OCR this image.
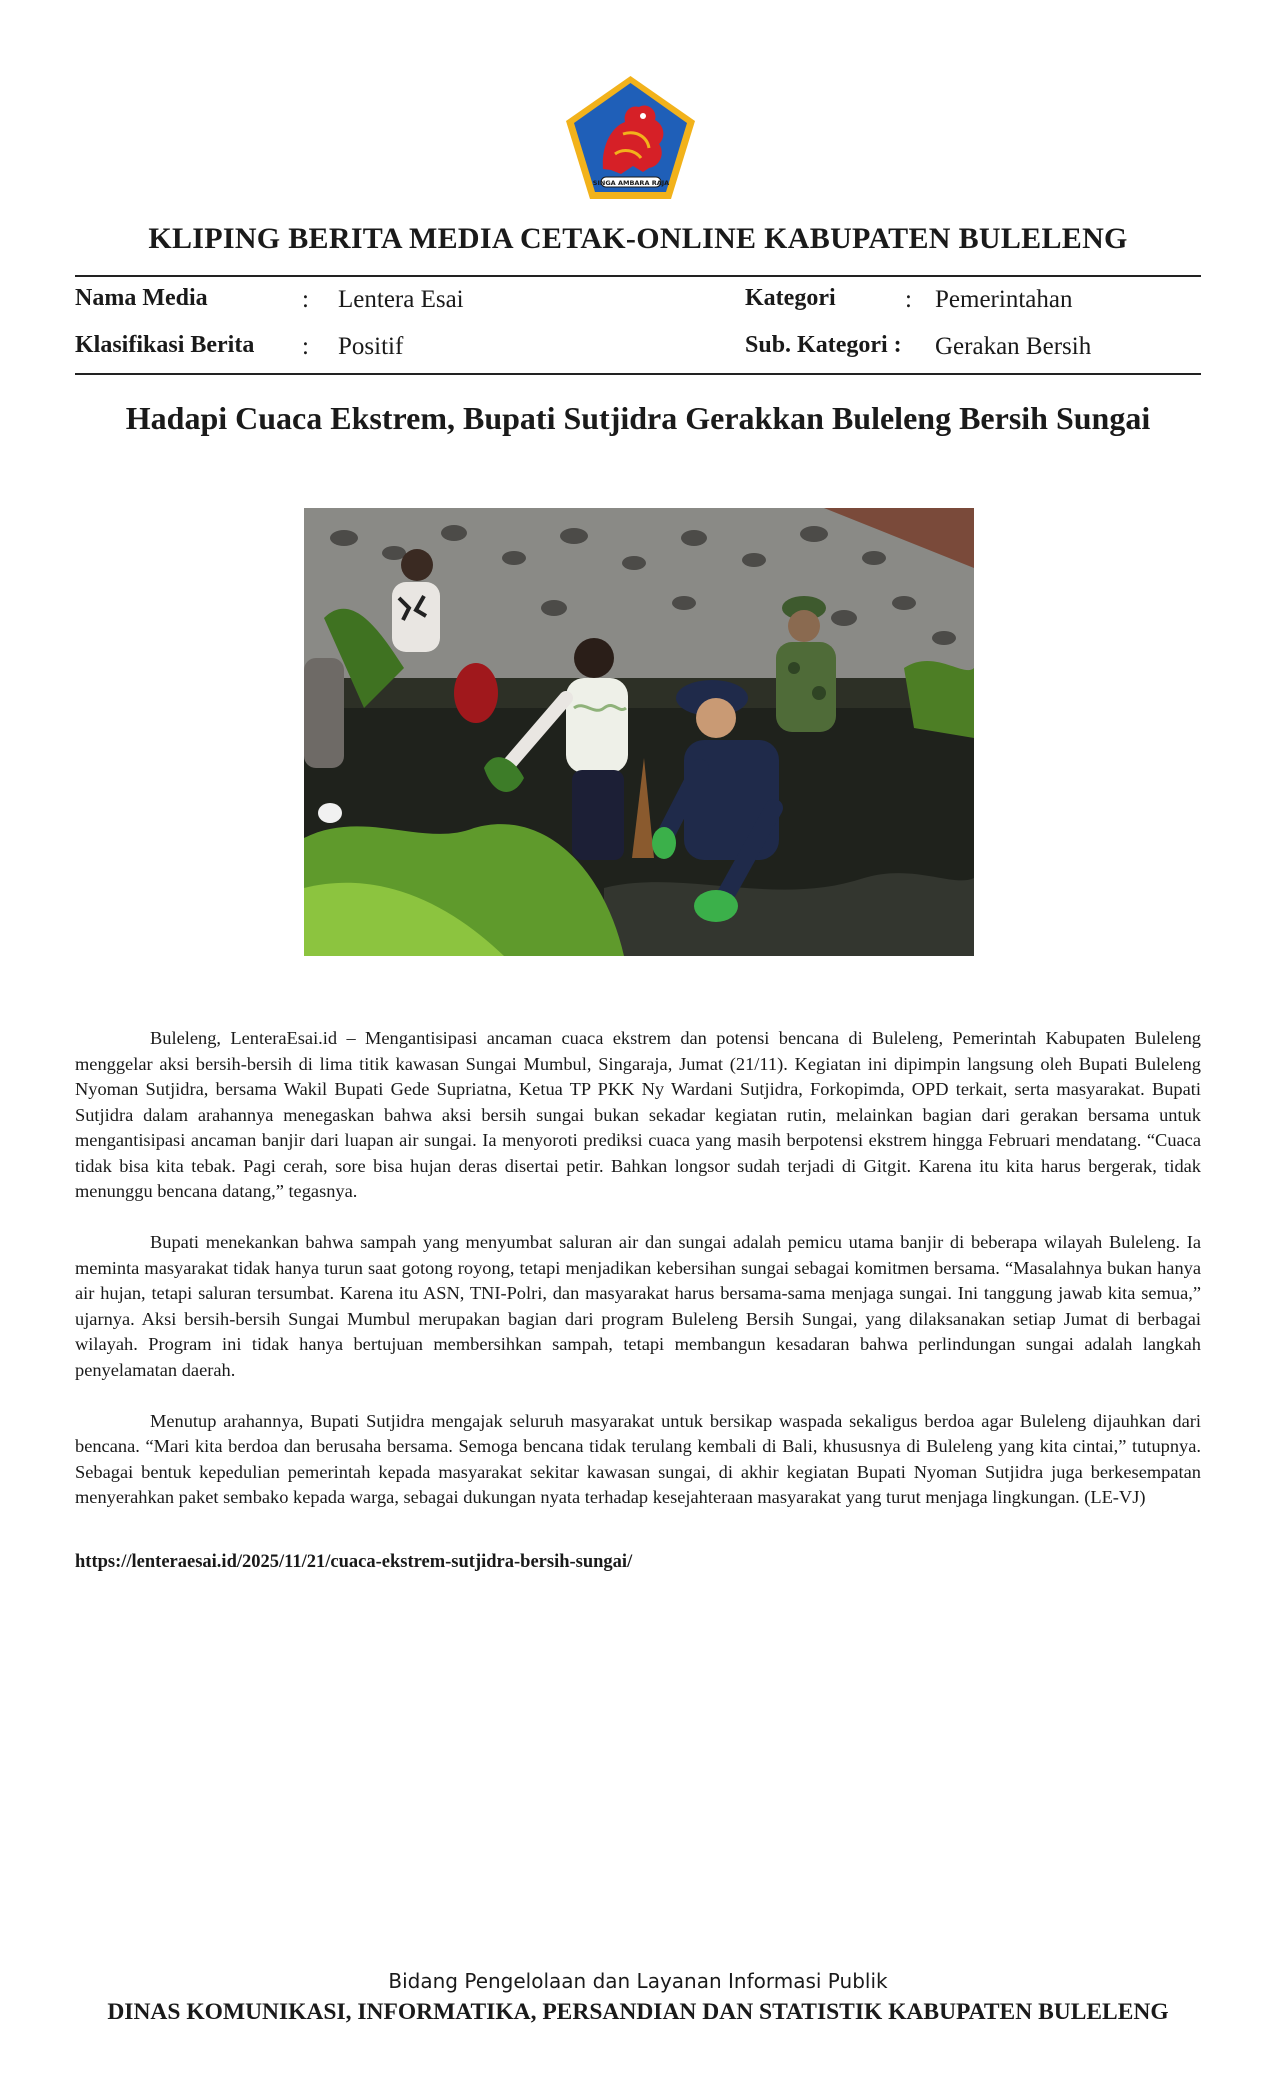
SINGA AMBARA RAJA
KLIPING BERITA MEDIA CETAK-ONLINE KABUPATEN BULELENG
Nama Media	: Lentera Esai	Kategori	: Pemerintahan
Klasifikasi Berita : Positif	Sub. Kategori : Gerakan Bersih
Hadapi Cuaca Ekstrem, Bupati Sutjidra Gerakkan Buleleng Bersih Sungai

Buleleng, LenteraEsai.id – Mengantisipasi ancaman cuaca ekstrem dan potensi bencana di Buleleng, Pemerintah Kabupaten Buleleng menggelar aksi bersih-bersih di lima titik kawasan Sungai Mumbul, Singaraja, Jumat (21/11). Kegiatan ini dipimpin langsung oleh Bupati Buleleng Nyoman Sutjidra, bersama Wakil Bupati Gede Supriatna, Ketua TP PKK Ny Wardani Sutjidra, Forkopimda, OPD terkait, serta masyarakat. Bupati Sutjidra dalam arahannya menegaskan bahwa aksi bersih sungai bukan sekadar kegiatan rutin, melainkan bagian dari gerakan bersama untuk mengantisipasi ancaman banjir dari luapan air sungai. Ia menyoroti prediksi cuaca yang masih berpotensi ekstrem hingga Februari mendatang. “Cuaca tidak bisa kita tebak. Pagi cerah, sore bisa hujan deras disertai petir. Bahkan longsor sudah terjadi di Gitgit. Karena itu kita harus bergerak, tidak menunggu bencana datang,” tegasnya.

Bupati menekankan bahwa sampah yang menyumbat saluran air dan sungai adalah pemicu utama banjir di beberapa wilayah Buleleng. Ia meminta masyarakat tidak hanya turun saat gotong royong, tetapi menjadikan kebersihan sungai sebagai komitmen bersama. “Masalahnya bukan hanya air hujan, tetapi saluran tersumbat. Karena itu ASN, TNI-Polri, dan masyarakat harus bersama-sama menjaga sungai. Ini tanggung jawab kita semua,” ujarnya. Aksi bersih-bersih Sungai Mumbul merupakan bagian dari program Buleleng Bersih Sungai, yang dilaksanakan setiap Jumat di berbagai wilayah. Program ini tidak hanya bertujuan membersihkan sampah, tetapi membangun kesadaran bahwa perlindungan sungai adalah langkah penyelamatan daerah.

Menutup arahannya, Bupati Sutjidra mengajak seluruh masyarakat untuk bersikap waspada sekaligus berdoa agar Buleleng dijauhkan dari bencana. “Mari kita berdoa dan berusaha bersama. Semoga bencana tidak terulang kembali di Bali, khususnya di Buleleng yang kita cintai,” tutupnya. Sebagai bentuk kepedulian pemerintah kepada masyarakat sekitar kawasan sungai, di akhir kegiatan Bupati Nyoman Sutjidra juga berkesempatan menyerahkan paket sembako kepada warga, sebagai dukungan nyata terhadap kesejahteraan masyarakat yang turut menjaga lingkungan. (LE-VJ)

https://lenteraesai.id/2025/11/21/cuaca-ekstrem-sutjidra-bersih-sungai/
Bidang Pengelolaan dan Layanan Informasi Publik
DINAS KOMUNIKASI, INFORMATIKA, PERSANDIAN DAN STATISTIK KABUPATEN BULELENG
